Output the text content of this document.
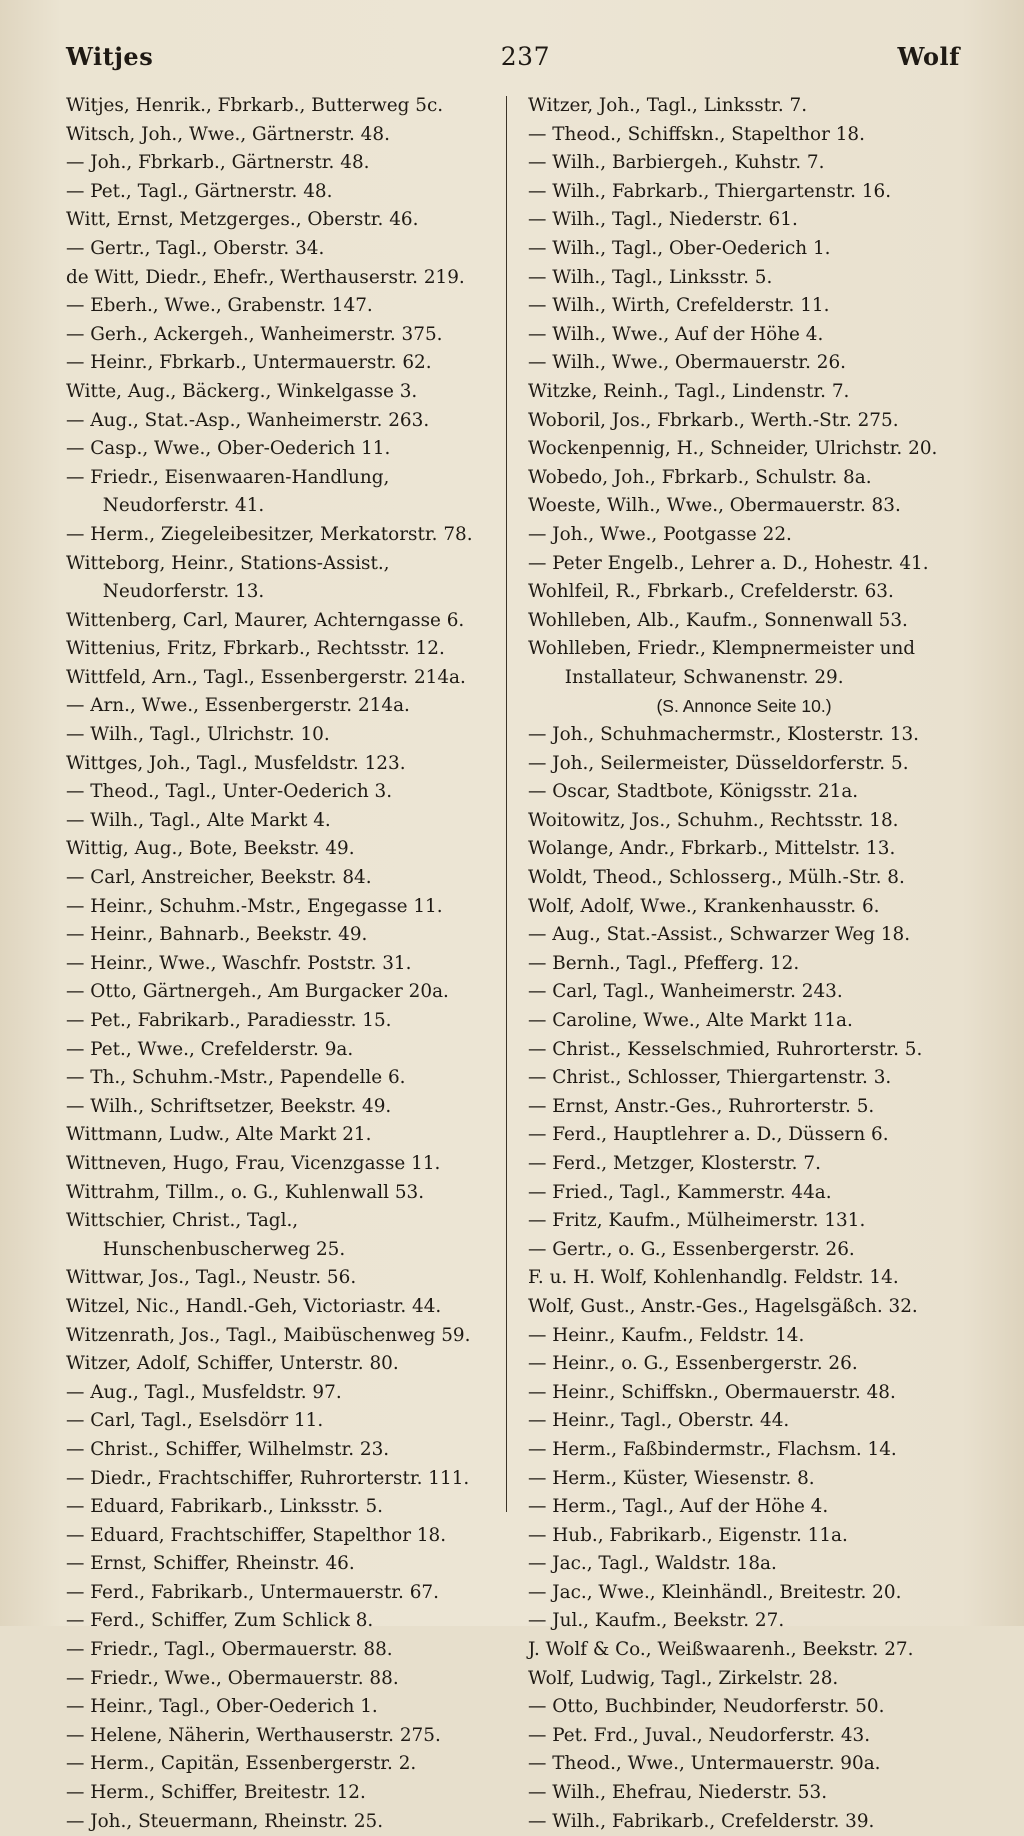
Witjes	237	Wolf
Witjes, Henrik., Fbrkarb., Butterweg 5c.
Witsch, Joh., Wwe., Gärtnerstr. 48.
— Joh., Fbrkarb., Gärtnerstr. 48.
— Pet., Tagl., Gärtnerstr. 48.
Witt, Ernst, Metzgerges., Oberstr. 46.
— Gertr., Tagl., Oberstr. 34.
de Witt, Diedr., Ehefr., Werthauserstr. 219.
— Eberh., Wwe., Grabenstr. 147.
— Gerh., Ackergeh., Wanheimerstr. 375.
— Heinr., Fbrkarb., Untermauerstr. 62.
Witte, Aug., Bäckerg., Winkelgasse 3.
— Aug., Stat.-Asp., Wanheimerstr. 263.
— Casp., Wwe., Ober-Oederich 11.
— Friedr., Eisenwaaren-Handlung, Neudorferstr. 41.
— Herm., Ziegeleibesitzer, Merkatorstr. 78.
Witteborg, Heinr., Stations-Assist., Neudorferstr. 13.
Wittenberg, Carl, Maurer, Achterngasse 6.
Wittenius, Fritz, Fbrkarb., Rechtsstr. 12.
Wittfeld, Arn., Tagl., Essenbergerstr. 214a.
— Arn., Wwe., Essenbergerstr. 214a.
— Wilh., Tagl., Ulrichstr. 10.
Wittges, Joh., Tagl., Musfeldstr. 123.
— Theod., Tagl., Unter-Oederich 3.
— Wilh., Tagl., Alte Markt 4.
Wittig, Aug., Bote, Beekstr. 49.
— Carl, Anstreicher, Beekstr. 84.
— Heinr., Schuhm.-Mstr., Engegasse 11.
— Heinr., Bahnarb., Beekstr. 49.
— Heinr., Wwe., Waschfr. Poststr. 31.
— Otto, Gärtnergeh., Am Burgacker 20a.
— Pet., Fabrikarb., Paradiesstr. 15.
— Pet., Wwe., Crefelderstr. 9a.
— Th., Schuhm.-Mstr., Papendelle 6.
— Wilh., Schriftsetzer, Beekstr. 49.
Wittmann, Ludw., Alte Markt 21.
Wittneven, Hugo, Frau, Vicenzgasse 11.
Wittrahm, Tillm., o. G., Kuhlenwall 53.
Wittschier, Christ., Tagl., Hunschenbuscherweg 25.
Wittwar, Jos., Tagl., Neustr. 56.
Witzel, Nic., Handl.-Geh, Victoriastr. 44.
Witzenrath, Jos., Tagl., Maibüschenweg 59.
Witzer, Adolf, Schiffer, Unterstr. 80.
— Aug., Tagl., Musfeldstr. 97.
— Carl, Tagl., Eselsdörr 11.
— Christ., Schiffer, Wilhelmstr. 23.
— Diedr., Frachtschiffer, Ruhrorterstr. 111.
— Eduard, Fabrikarb., Linksstr. 5.
— Eduard, Frachtschiffer, Stapelthor 18.
— Ernst, Schiffer, Rheinstr. 46.
— Ferd., Fabrikarb., Untermauerstr. 67.
— Ferd., Schiffer, Zum Schlick 8.
— Friedr., Tagl., Obermauerstr. 88.
— Friedr., Wwe., Obermauerstr. 88.
— Heinr., Tagl., Ober-Oederich 1.
— Helene, Näherin, Werthauserstr. 275.
— Herm., Capitän, Essenbergerstr. 2.
— Herm., Schiffer, Breitestr. 12.
— Joh., Steuermann, Rheinstr. 25.
Witzer, Joh., Tagl., Linksstr. 7.
— Theod., Schiffskn., Stapelthor 18.
— Wilh., Barbiergeh., Kuhstr. 7.
— Wilh., Fabrkarb., Thiergartenstr. 16.
— Wilh., Tagl., Niederstr. 61.
— Wilh., Tagl., Ober-Oederich 1.
— Wilh., Tagl., Linksstr. 5.
— Wilh., Wirth, Crefelderstr. 11.
— Wilh., Wwe., Auf der Höhe 4.
— Wilh., Wwe., Obermauerstr. 26.
Witzke, Reinh., Tagl., Lindenstr. 7.
Woboril, Jos., Fbrkarb., Werth.-Str. 275.
Wockenpennig, H., Schneider, Ulrichstr. 20.
Wobedo, Joh., Fbrkarb., Schulstr. 8a.
Woeste, Wilh., Wwe., Obermauerstr. 83.
— Joh., Wwe., Pootgasse 22.
— Peter Engelb., Lehrer a. D., Hohestr. 41.
Wohlfeil, R., Fbrkarb., Crefelderstr. 63.
Wohlleben, Alb., Kaufm., Sonnenwall 53.
Wohlleben, Friedr., Klempnermeister und Installateur, Schwanenstr. 29.
(S. Annonce Seite 10.)
— Joh., Schuhmachermstr., Klosterstr. 13.
— Joh., Seilermeister, Düsseldorferstr. 5.
— Oscar, Stadtbote, Königsstr. 21a.
Woitowitz, Jos., Schuhm., Rechtsstr. 18.
Wolange, Andr., Fbrkarb., Mittelstr. 13.
Woldt, Theod., Schlosserg., Mülh.-Str. 8.
Wolf, Adolf, Wwe., Krankenhausstr. 6.
— Aug., Stat.-Assist., Schwarzer Weg 18.
— Bernh., Tagl., Pfefferg. 12.
— Carl, Tagl., Wanheimerstr. 243.
— Caroline, Wwe., Alte Markt 11a.
— Christ., Kesselschmied, Ruhrorterstr. 5.
— Christ., Schlosser, Thiergartenstr. 3.
— Ernst, Anstr.-Ges., Ruhrorterstr. 5.
— Ferd., Hauptlehrer a. D., Düssern 6.
— Ferd., Metzger, Klosterstr. 7.
— Fried., Tagl., Kammerstr. 44a.
— Fritz, Kaufm., Mülheimerstr. 131.
— Gertr., o. G., Essenbergerstr. 26.
F. u. H. Wolf, Kohlenhandlg. Feldstr. 14.
Wolf, Gust., Anstr.-Ges., Hagelsgäßch. 32.
— Heinr., Kaufm., Feldstr. 14.
— Heinr., o. G., Essenbergerstr. 26.
— Heinr., Schiffskn., Obermauerstr. 48.
— Heinr., Tagl., Oberstr. 44.
— Herm., Faßbindermstr., Flachsm. 14.
— Herm., Küster, Wiesenstr. 8.
— Herm., Tagl., Auf der Höhe 4.
— Hub., Fabrikarb., Eigenstr. 11a.
— Jac., Tagl., Waldstr. 18a.
— Jac., Wwe., Kleinhändl., Breitestr. 20.
— Jul., Kaufm., Beekstr. 27.
J. Wolf & Co., Weißwaarenh., Beekstr. 27.
Wolf, Ludwig, Tagl., Zirkelstr. 28.
— Otto, Buchbinder, Neudorferstr. 50.
— Pet. Frd., Juval., Neudorferstr. 43.
— Theod., Wwe., Untermauerstr. 90a.
— Wilh., Ehefrau, Niederstr. 53.
— Wilh., Fabrikarb., Crefelderstr. 39.
